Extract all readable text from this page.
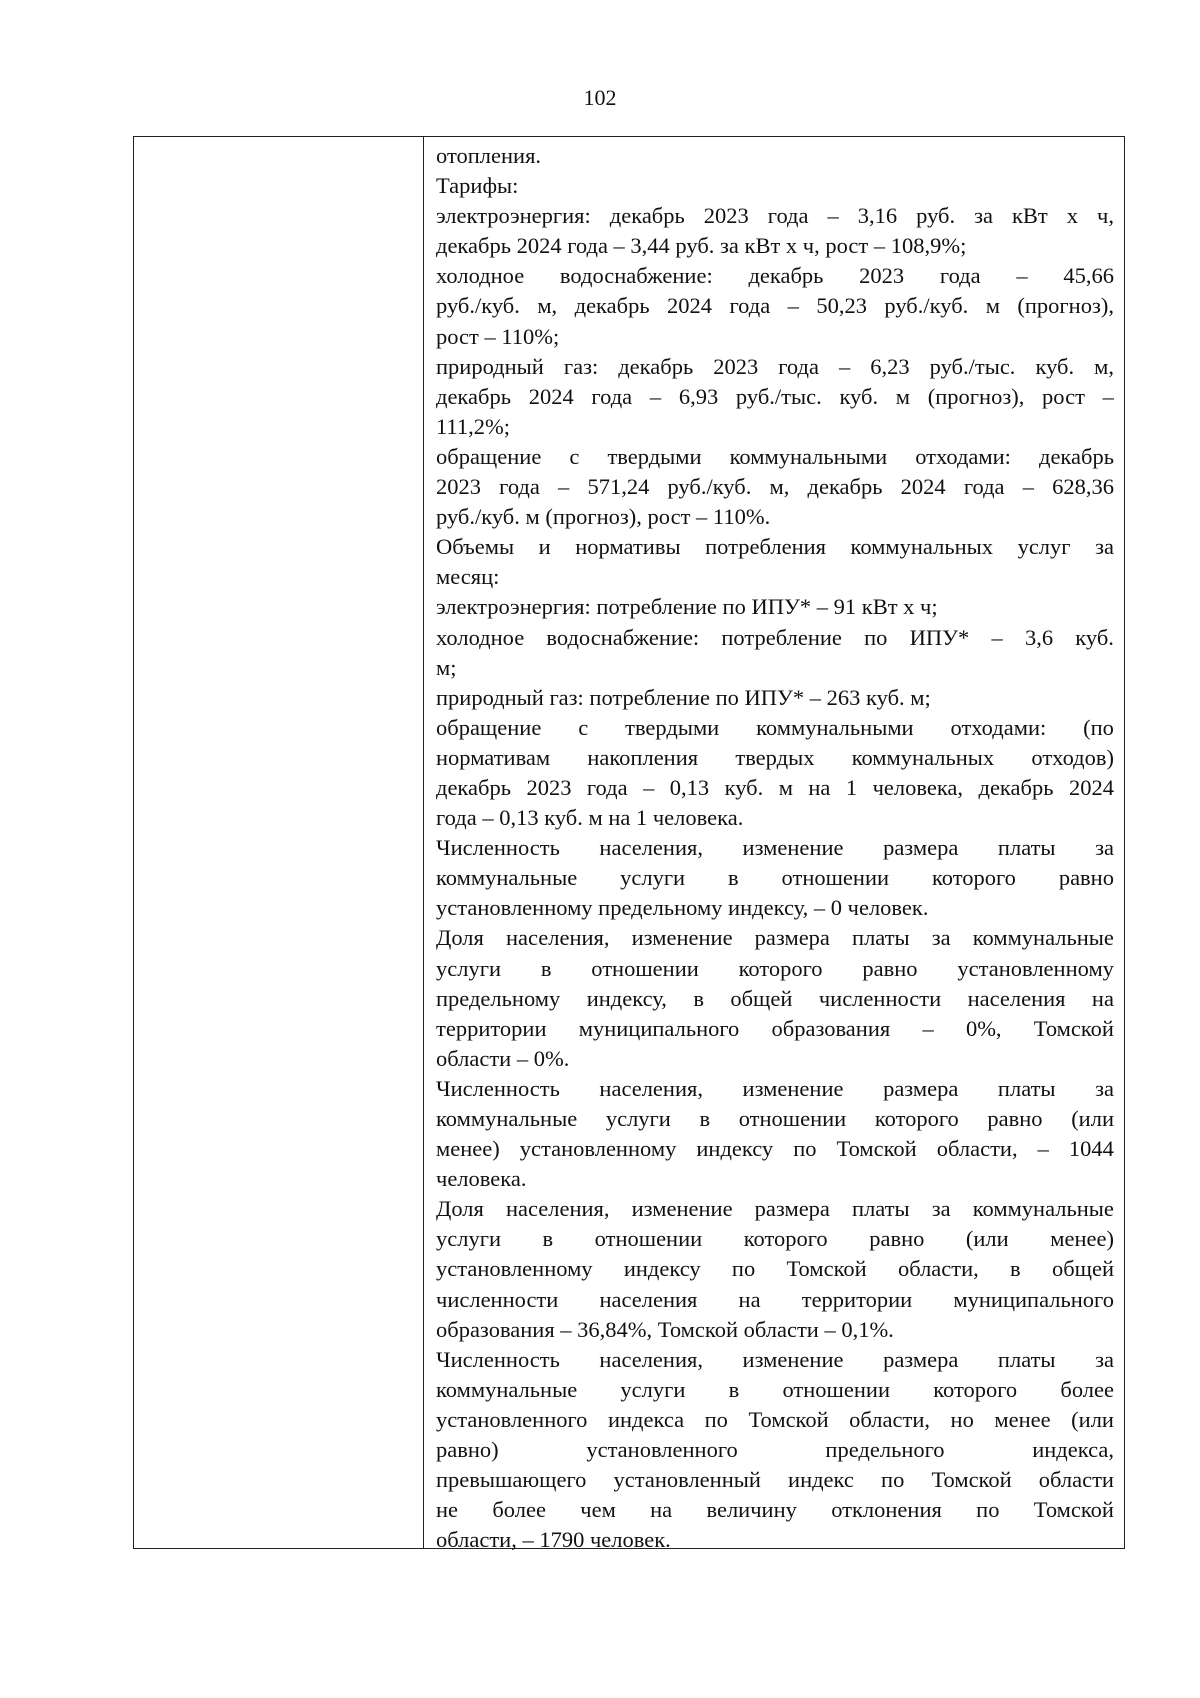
102
отопления.
Тарифы:
электроэнергия: декабрь 2023 года – 3,16 руб. за кВт х ч,
декабрь 2024 года – 3,44 руб. за кВт х ч, рост – 108,9%;
холодное водоснабжение: декабрь 2023 года – 45,66
руб./куб. м, декабрь 2024 года – 50,23 руб./куб. м (прогноз),
рост – 110%;
природный газ: декабрь 2023 года – 6,23 руб./тыс. куб. м,
декабрь 2024 года – 6,93 руб./тыс. куб. м (прогноз), рост –
111,2%;
обращение с твердыми коммунальными отходами: декабрь
2023 года – 571,24 руб./куб. м, декабрь 2024 года – 628,36
руб./куб. м (прогноз), рост – 110%.
Объемы и нормативы потребления коммунальных услуг за
месяц:
электроэнергия: потребление по ИПУ* – 91 кВт х ч;
холодное водоснабжение: потребление по ИПУ* – 3,6 куб.
м;
природный газ: потребление по ИПУ* – 263 куб. м;
обращение с твердыми коммунальными отходами: (по
нормативам накопления твердых коммунальных отходов)
декабрь 2023 года – 0,13 куб. м на 1 человека, декабрь 2024
года – 0,13 куб. м на 1 человека.
Численность населения, изменение размера платы за
коммунальные услуги в отношении которого равно
установленному предельному индексу, – 0 человек.
Доля населения, изменение размера платы за коммунальные
услуги в отношении которого равно установленному
предельному индексу, в общей численности населения на
территории муниципального образования – 0%, Томской
области – 0%.
Численность населения, изменение размера платы за
коммунальные услуги в отношении которого равно (или
менее) установленному индексу по Томской области, – 1044
человека.
Доля населения, изменение размера платы за коммунальные
услуги в отношении которого равно (или менее)
установленному индексу по Томской области, в общей
численности населения на территории муниципального
образования – 36,84%, Томской области – 0,1%.
Численность населения, изменение размера платы за
коммунальные услуги в отношении которого более
установленного индекса по Томской области, но менее (или
равно)	установленного	предельного	индекса,
превышающего установленный индекс по Томской области
не более чем на величину отклонения по Томской
области, – 1790 человек.
